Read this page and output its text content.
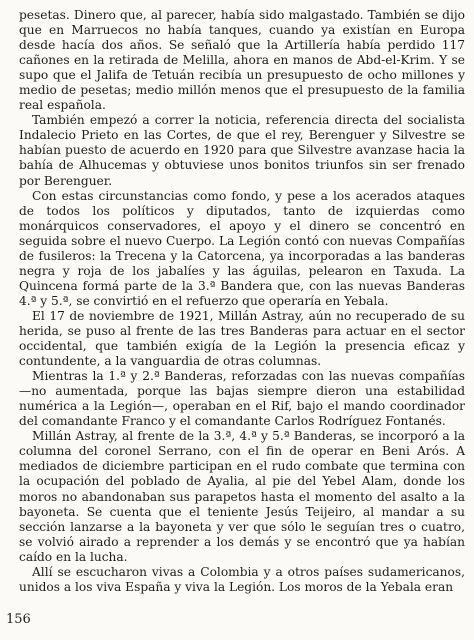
pesetas. Dinero que, al parecer, había sido malgastado. También se dijo que en Marruecos no había tanques, cuando ya existían en Europa desde hacía dos años. Se señaló que la Artillería había perdido 117 cañones en la retirada de Melilla, ahora en manos de Abd-el-Krim. Y se supo que el Jalifa de Tetuán recibía un presupuesto de ocho millones y medio de pesetas; medio millón menos que el presupuesto de la familia real española.

También empezó a correr la noticia, referencia directa del socialista Indalecio Prieto en las Cortes, de que el rey, Berenguer y Silvestre se habían puesto de acuerdo en 1920 para que Silvestre avanzase hacia la bahía de Alhucemas y obtuviese unos bonitos triunfos sin ser frenado por Berenguer.

Con estas circunstancias como fondo, y pese a los acerados ataques de todos los políticos y diputados, tanto de izquierdas como monárquicos conservadores, el apoyo y el dinero se concentró en seguida sobre el nuevo Cuerpo. La Legión contó con nuevas Compañías de fusileros: la Trecena y la Catorcena, ya incorporadas a las banderas negra y roja de los jabalíes y las águilas, pelearon en Taxuda. La Quincena formá parte de la 3.ª Bandera que, con las nuevas Banderas 4.ª y 5.ª, se convirtió en el refuerzo que operaría en Yebala.

El 17 de noviembre de 1921, Millán Astray, aún no recuperado de su herida, se puso al frente de las tres Banderas para actuar en el sector occidental, que también exigía de la Legión la presencia eficaz y contundente, a la vanguardia de otras columnas.

Mientras la 1.ª y 2.ª Banderas, reforzadas con las nuevas compañías —no aumentada, porque las bajas siempre dieron una estabilidad numérica a la Legión—, operaban en el Rif, bajo el mando coordinador del comandante Franco y el comandante Carlos Rodríguez Fontanés.

Millán Astray, al frente de la 3.ª, 4.ª y 5.ª Banderas, se incorporó a la columna del coronel Serrano, con el fin de operar en Beni Arós. A mediados de diciembre participan en el rudo combate que termina con la ocupación del poblado de Ayalia, al pie del Yebel Alam, donde los moros no abandonaban sus parapetos hasta el momento del asalto a la bayoneta. Se cuenta que el teniente Jesús Teijeiro, al mandar a su sección lanzarse a la bayoneta y ver que sólo le seguían tres o cuatro, se volvió airado a reprender a los demás y se encontró que ya habían caído en la lucha.

Allí se escucharon vivas a Colombia y a otros países sudamericanos, unidos a los viva España y viva la Legión. Los moros de la Yebala eran

156
